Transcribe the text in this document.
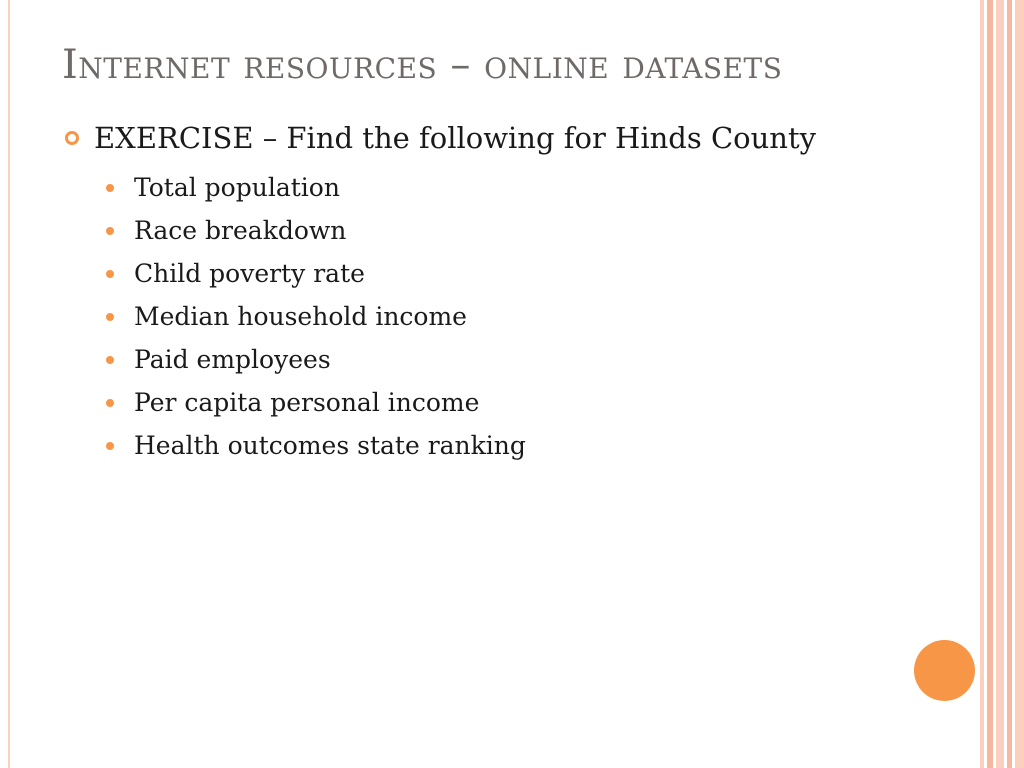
Internet resources – online datasets
EXERCISE – Find the following for Hinds County
Total population
Race breakdown
Child poverty rate
Median household income
Paid employees
Per capita personal income
Health outcomes state ranking
